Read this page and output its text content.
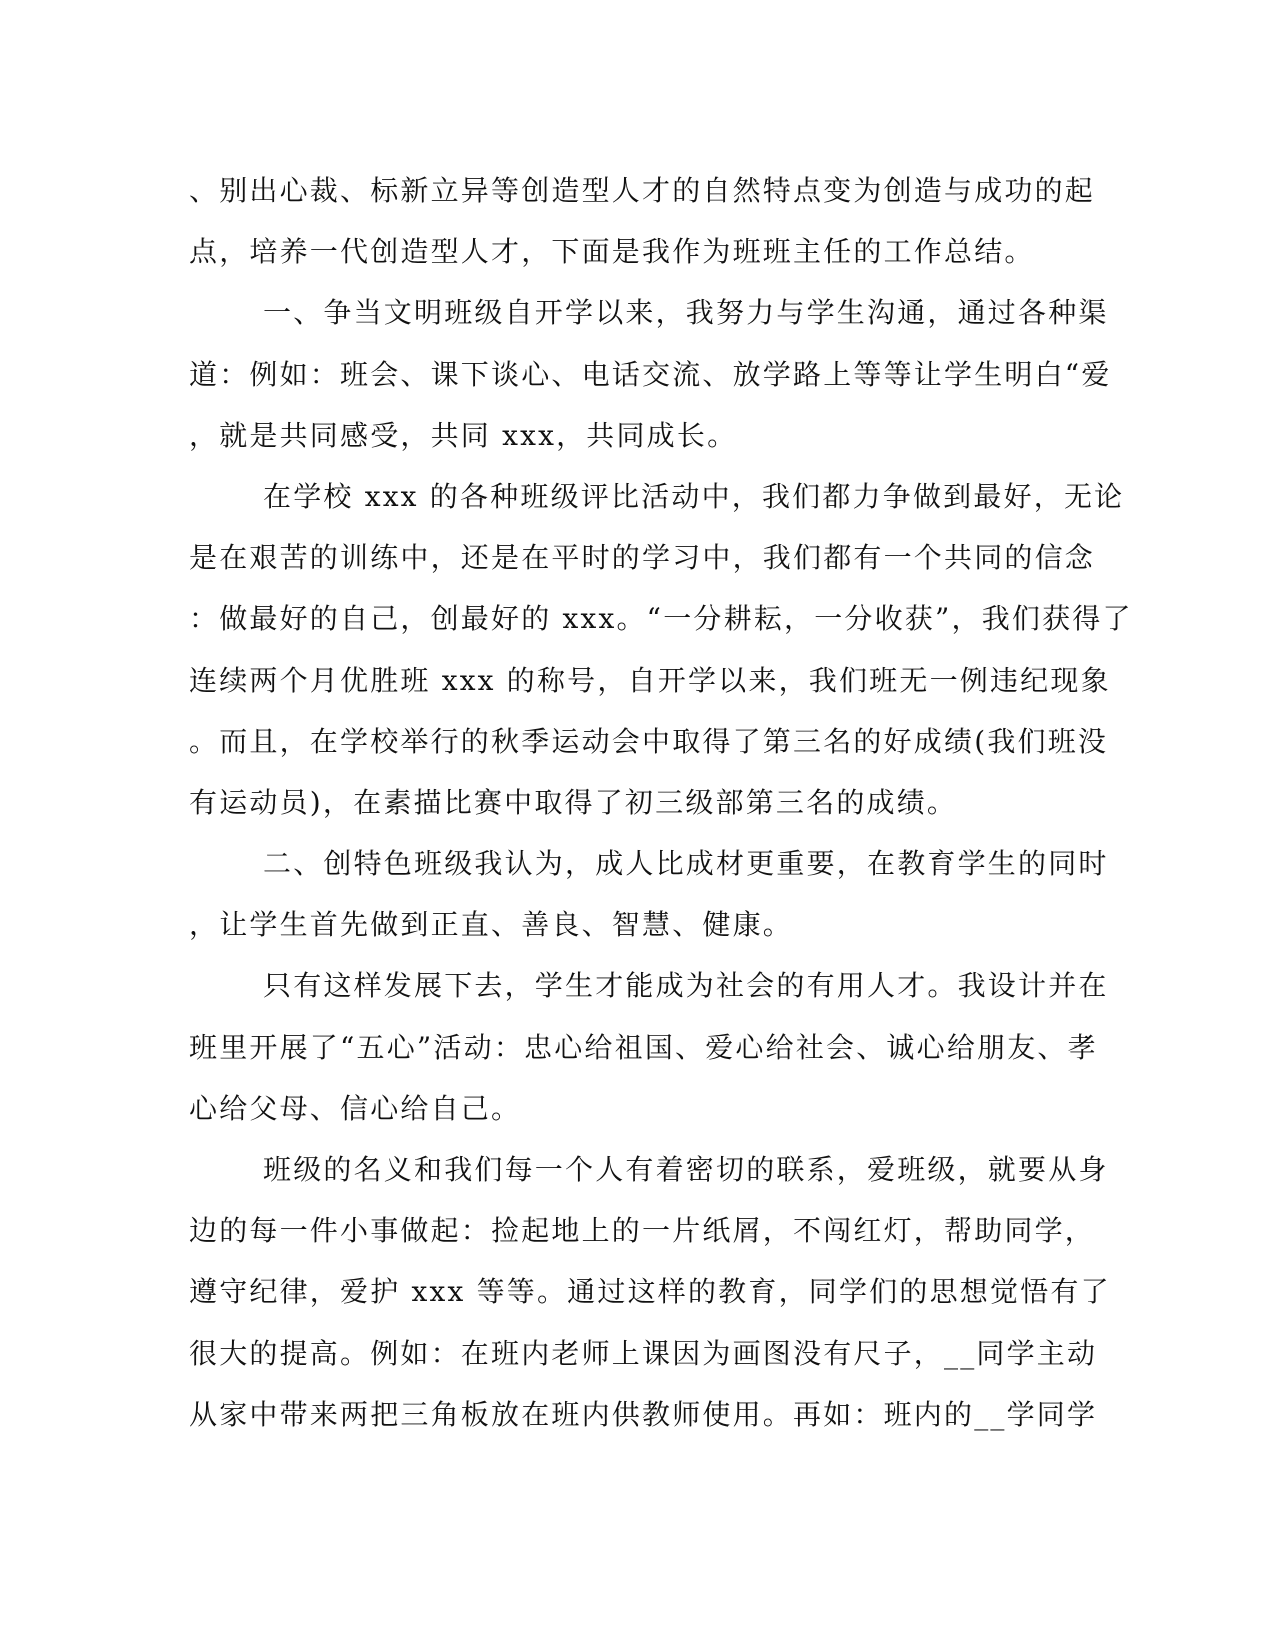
、别出心裁、标新立异等创造型人才的自然特点变为创造与成功的起
点，培养一代创造型人才，下面是我作为班班主任的工作总结。
一、争当文明班级自开学以来，我努力与学生沟通，通过各种渠
道：例如：班会、课下谈心、电话交流、放学路上等等让学生明白“爱
，就是共同感受，共同 xxx，共同成长。
在学校 xxx 的各种班级评比活动中，我们都力争做到最好，无论
是在艰苦的训练中，还是在平时的学习中，我们都有一个共同的信念
：做最好的自己，创最好的 xxx。“一分耕耘，一分收获”，我们获得了
连续两个月优胜班 xxx 的称号，自开学以来，我们班无一例违纪现象
。而且，在学校举行的秋季运动会中取得了第三名的好成绩(我们班没
有运动员)，在素描比赛中取得了初三级部第三名的成绩。
二、创特色班级我认为，成人比成材更重要，在教育学生的同时
，让学生首先做到正直、善良、智慧、健康。
只有这样发展下去，学生才能成为社会的有用人才。我设计并在
班里开展了“五心”活动：忠心给祖国、爱心给社会、诚心给朋友、孝
心给父母、信心给自己。
班级的名义和我们每一个人有着密切的联系，爱班级，就要从身
边的每一件小事做起：捡起地上的一片纸屑，不闯红灯，帮助同学，
遵守纪律，爱护 xxx 等等。通过这样的教育，同学们的思想觉悟有了
很大的提高。例如：在班内老师上课因为画图没有尺子，__同学主动
从家中带来两把三角板放在班内供教师使用。再如：班内的__学同学
